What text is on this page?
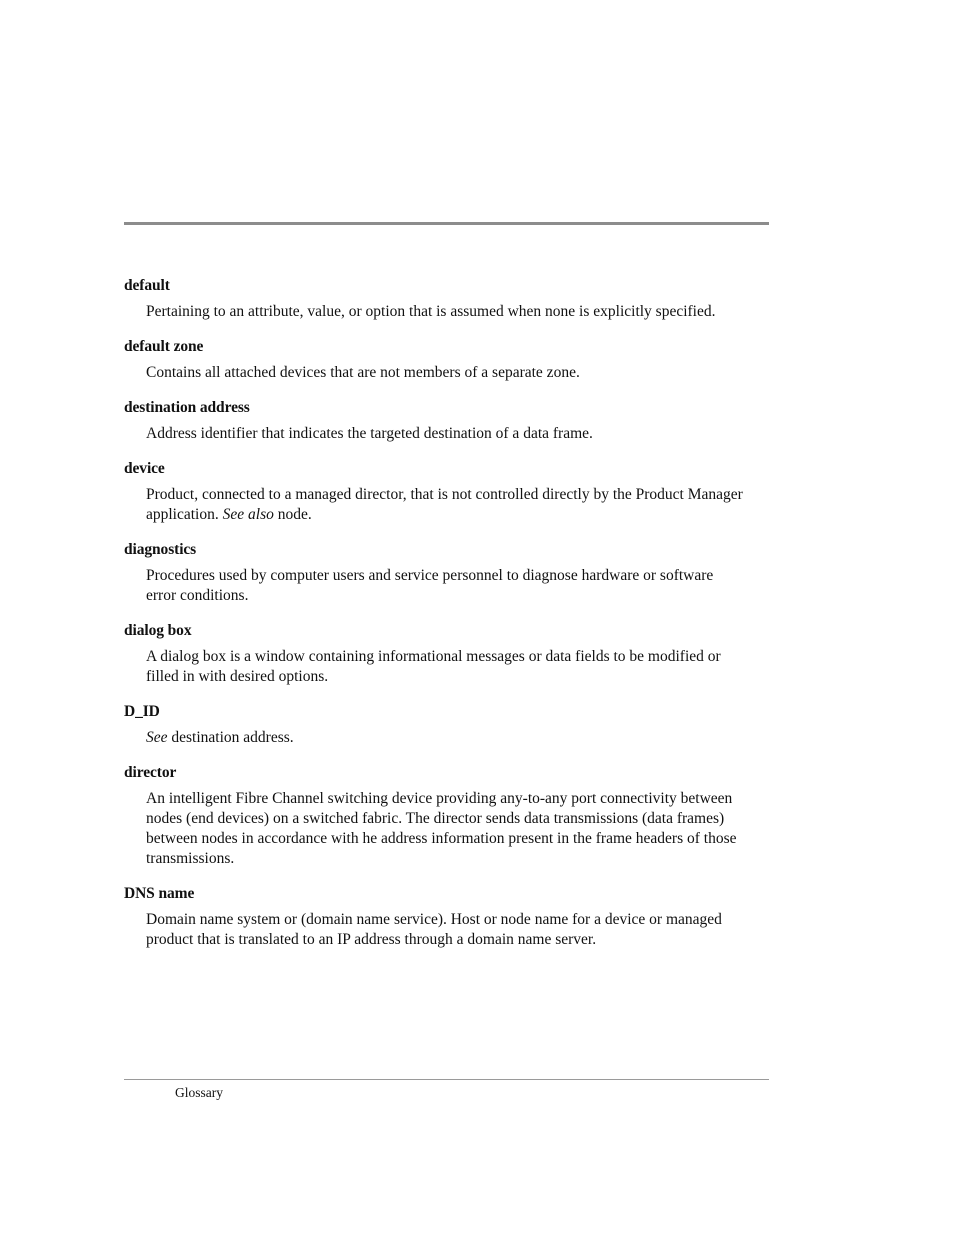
default
Pertaining to an attribute, value, or option that is assumed when none is explicitly specified.
default zone
Contains all attached devices that are not members of a separate zone.
destination address
Address identifier that indicates the targeted destination of a data frame.
device
Product, connected to a managed director, that is not controlled directly by the Product Manager application. See also node.
diagnostics
Procedures used by computer users and service personnel to diagnose hardware or software error conditions.
dialog box
A dialog box is a window containing informational messages or data fields to be modified or filled in with desired options.
D_ID
See destination address.
director
An intelligent Fibre Channel switching device providing any-to-any port connectivity between nodes (end devices) on a switched fabric. The director sends data transmissions (data frames) between nodes in accordance with he address information present in the frame headers of those transmissions.
DNS name
Domain name system or (domain name service). Host or node name for a device or managed product that is translated to an IP address through a domain name server.
Glossary
